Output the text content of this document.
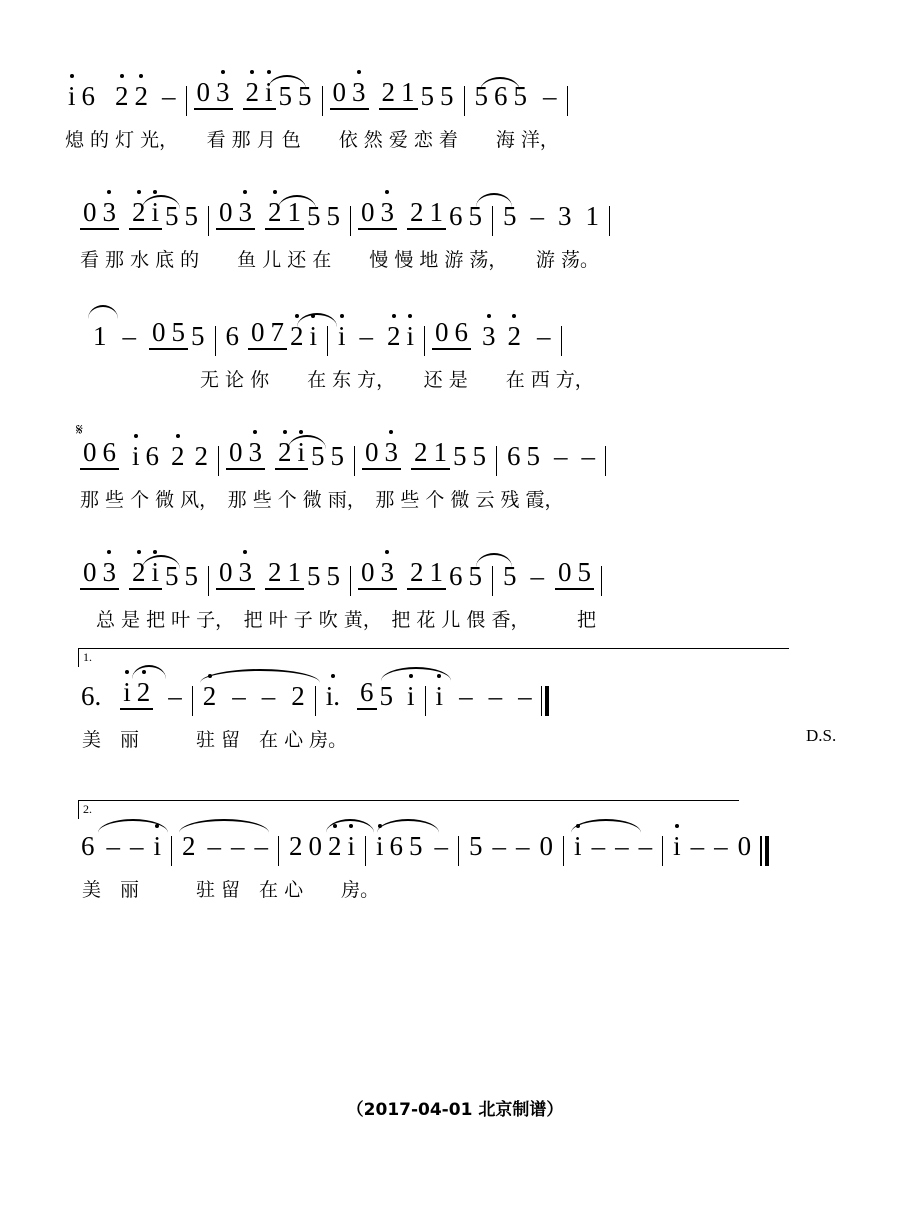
i 6 2 2 – 0 3 2 i 5 5 0 3 2 1 5 5 5 6 5 –
熄 的 灯 光，　　看 那 月 色　　依 然 爱 恋 着　　海 洋，
0 3 2 i 5 5 0 3 2 1 5 5 0 3 2 1 6 5 5 – 3 1
看 那 水 底 的　　鱼 儿 还 在　　慢 慢 地 游 荡，　　游 荡。
1 – 0 5 5 6 0 7 2 i i – 2 i 0 6 3 2 –
无 论 你　　在 东 方，　　还 是　　在 西 方，
𝄋
0 6 i 6 2 2 0 3 2 i 5 5 0 3 2 1 5 5 6 5 – –
那 些 个 微 风，　那 些 个 微 雨，　那 些 个 微 云 残 霞，
0 3 2 i 5 5 0 3 2 1 5 5 0 3 2 1 6 5 5 – 0 5
总 是 把 叶 子，　把 叶 子 吹 黄，　把 花 儿 偎 香，　　　把
1.
6. i 2 – 2 – – 2 i. 6 5 i i – – –
美　丽　　　驻 留　在 心 房。	D.S.
2.
6 – – i 2 – – – 2 0 2 i i 6 5 – 5 – – 0 i – – – i – – 0
美　丽　　　驻 留　在 心　　房。
（2017-04-01 北京制谱）
